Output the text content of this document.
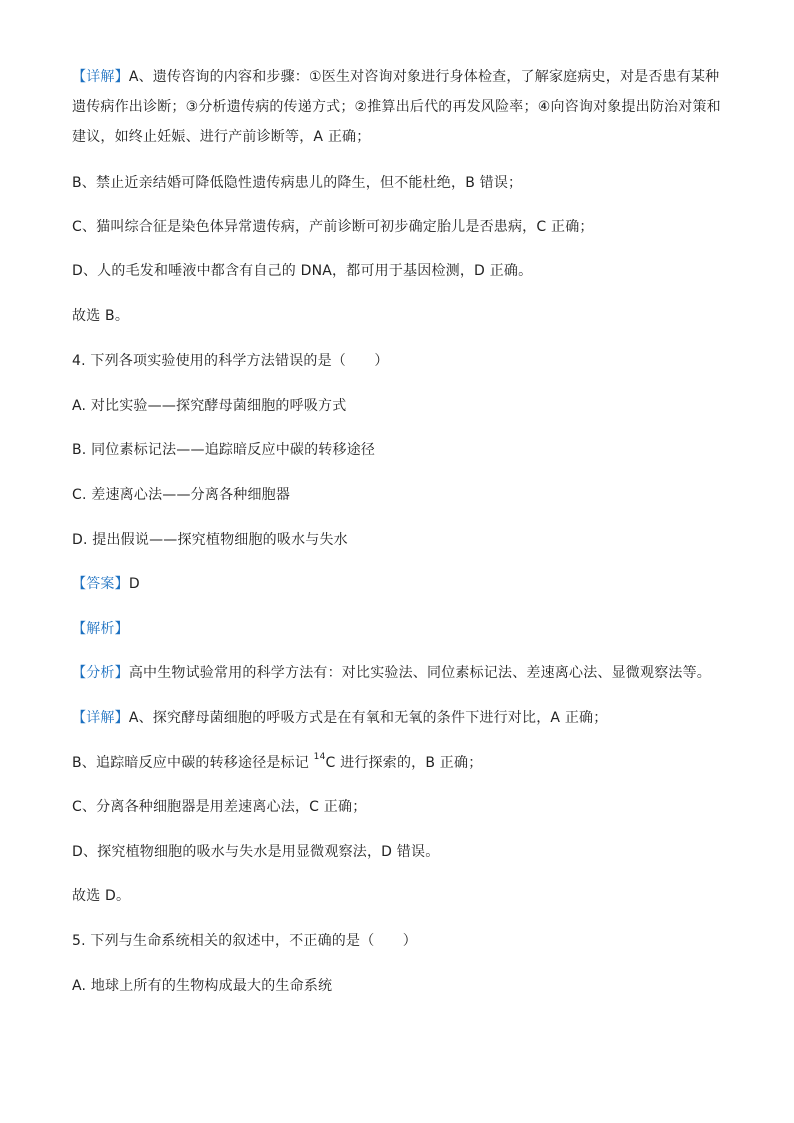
【详解】A、遗传咨询的内容和步骤：①医生对咨询对象进行身体检查，了解家庭病史，对是否患有某种遗传病作出诊断；③分析遗传病的传递方式；②推算出后代的再发风险率；④向咨询对象提出防治对策和建议，如终止妊娠、进行产前诊断等，A 正确；
B、禁止近亲结婚可降低隐性遗传病患儿的降生，但不能杜绝，B 错误；
C、猫叫综合征是染色体异常遗传病，产前诊断可初步确定胎儿是否患病，C 正确；
D、人的毛发和唾液中都含有自己的 DNA，都可用于基因检测，D 正确。
故选 B。
4. 下列各项实验使用的科学方法错误的是（　　）
A. 对比实验——探究酵母菌细胞的呼吸方式
B. 同位素标记法——追踪暗反应中碳的转移途径
C. 差速离心法——分离各种细胞器
D. 提出假说——探究植物细胞的吸水与失水
【答案】D
【解析】
【分析】高中生物试验常用的科学方法有：对比实验法、同位素标记法、差速离心法、显微观察法等。
【详解】A、探究酵母菌细胞的呼吸方式是在有氧和无氧的条件下进行对比，A 正确；
B、追踪暗反应中碳的转移途径是标记 $^{14}$C 进行探索的，B 正确；
C、分离各种细胞器是用差速离心法，C 正确；
D、探究植物细胞的吸水与失水是用显微观察法，D 错误。
故选 D。
5. 下列与生命系统相关的叙述中，不正确的是（　　）
A. 地球上所有的生物构成最大的生命系统
